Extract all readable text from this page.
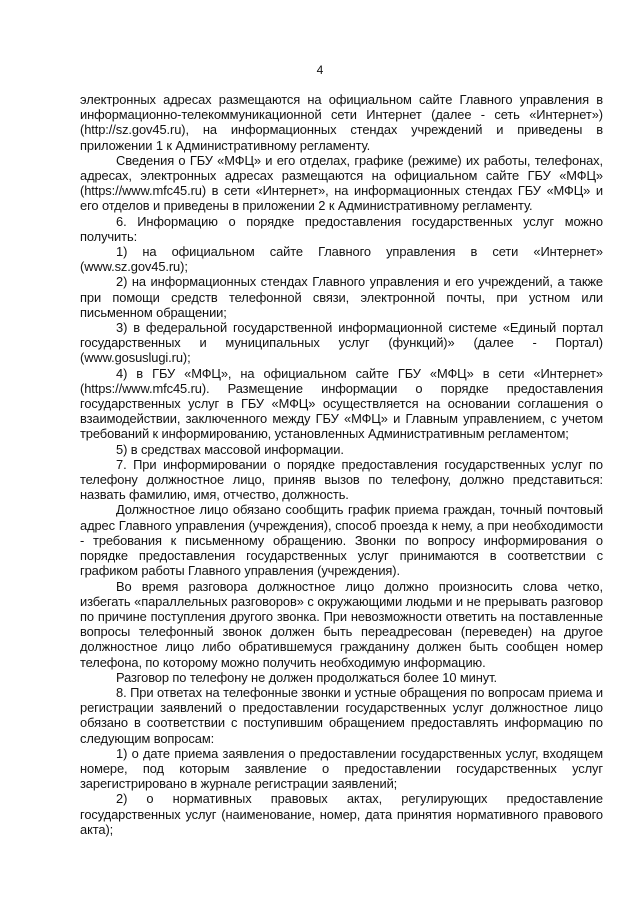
4

электронных адресах размещаются на официальном сайте Главного управления в информационно-телекоммуникационной сети Интернет (далее - сеть «Интернет») (http://sz.gov45.ru), на информационных стендах учреждений и приведены в приложении 1 к Административному регламенту.

Сведения о ГБУ «МФЦ» и его отделах, графике (режиме) их работы, телефонах, адресах, электронных адресах размещаются на официальном сайте ГБУ «МФЦ» (https://www.mfc45.ru) в сети «Интернет», на информационных стендах ГБУ «МФЦ» и его отделов и приведены в приложении 2 к Административному регламенту.

6. Информацию о порядке предоставления государственных услуг можно получить:

1) на официальном сайте Главного управления в сети «Интернет» (www.sz.gov45.ru);

2) на информационных стендах Главного управления и его учреждений, а также при помощи средств телефонной связи, электронной почты, при устном или письменном обращении;

3) в федеральной государственной информационной системе «Единый портал государственных и муниципальных услуг (функций)» (далее - Портал) (www.gosuslugi.ru);

4) в ГБУ «МФЦ», на официальном сайте ГБУ «МФЦ» в сети «Интернет» (https://www.mfc45.ru). Размещение информации о порядке предоставления государственных услуг в ГБУ «МФЦ» осуществляется на основании соглашения о взаимодействии, заключенного между ГБУ «МФЦ» и Главным управлением, с учетом требований к информированию, установленных Административным регламентом;

5) в средствах массовой информации.

7. При информировании о порядке предоставления государственных услуг по телефону должностное лицо, приняв вызов по телефону, должно представиться: назвать фамилию, имя, отчество, должность.

Должностное лицо обязано сообщить график приема граждан, точный почтовый адрес Главного управления (учреждения), способ проезда к нему, а при необходимости - требования к письменному обращению. Звонки по вопросу информирования о порядке предоставления государственных услуг принимаются в соответствии с графиком работы Главного управления (учреждения).

Во время разговора должностное лицо должно произносить слова четко, избегать «параллельных разговоров» с окружающими людьми и не прерывать разговор по причине поступления другого звонка. При невозможности ответить на поставленные вопросы телефонный звонок должен быть переадресован (переведен) на другое должностное лицо либо обратившемуся гражданину должен быть сообщен номер телефона, по которому можно получить необходимую информацию.

Разговор по телефону не должен продолжаться более 10 минут.

8. При ответах на телефонные звонки и устные обращения по вопросам приема и регистрации заявлений о предоставлении государственных услуг должностное лицо обязано в соответствии с поступившим обращением предоставлять информацию по следующим вопросам:

1) о дате приема заявления о предоставлении государственных услуг, входящем номере, под которым заявление о предоставлении государственных услуг зарегистрировано в журнале регистрации заявлений;

2) о нормативных правовых актах, регулирующих предоставление государственных услуг (наименование, номер, дата принятия нормативного правового акта);
